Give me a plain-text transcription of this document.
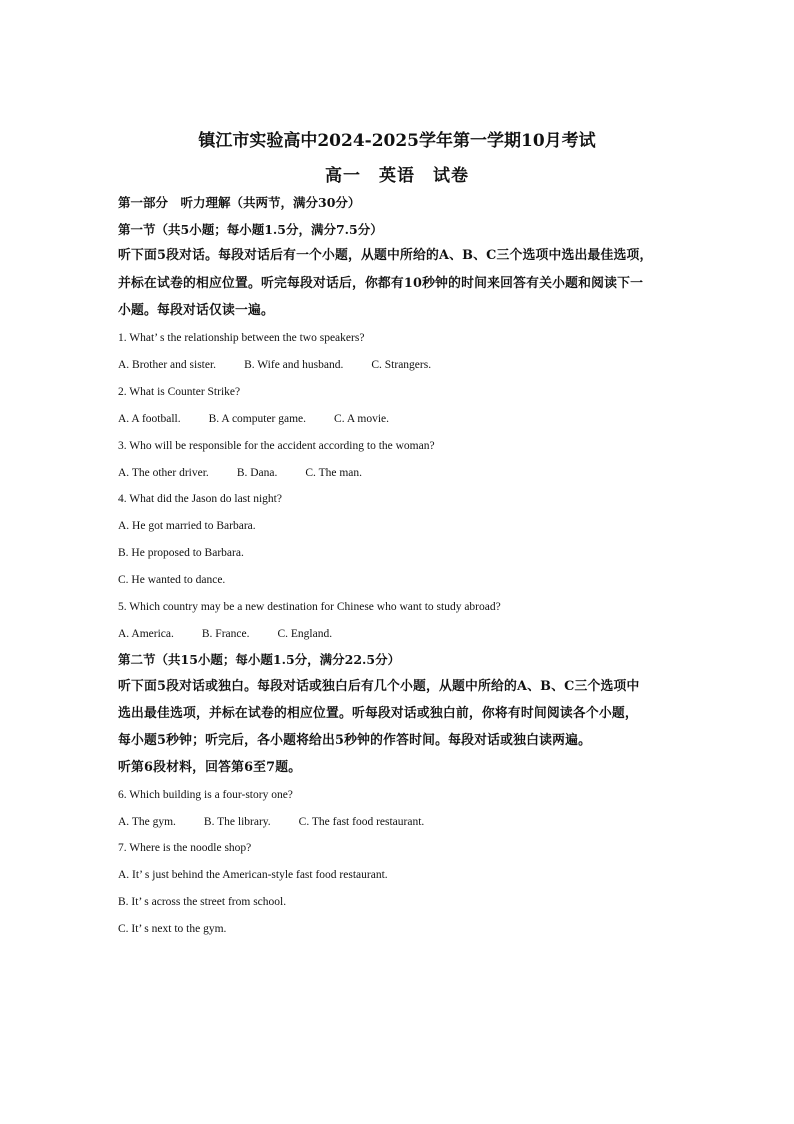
镇江市实验高中2024-2025学年第一学期10月考试
高一　英语　试卷
第一部分　听力理解（共两节，满分30分）
第一节（共5小题；每小题1.5分，满分7.5分）
听下面5段对话。每段对话后有一个小题，从题中所给的A、B、C三个选项中选出最佳选项，
并标在试卷的相应位置。听完每段对话后，你都有10秒钟的时间来回答有关小题和阅读下一
小题。每段对话仅读一遍。
1. What’ s the relationship between the two speakers?
A. Brother and sister. B. Wife and husband. C. Strangers.
2. What is Counter Strike?
A. A football. B. A computer game. C. A movie.
3. Who will be responsible for the accident according to the woman?
A. The other driver. B. Dana. C. The man.
4. What did the Jason do last night?
A. He got married to Barbara.
B. He proposed to Barbara.
C. He wanted to dance.
5. Which country may be a new destination for Chinese who want to study abroad?
A. America. B. France. C. England.
第二节（共15小题；每小题1.5分，满分22.5分）
听下面5段对话或独白。每段对话或独白后有几个小题，从题中所给的A、B、C三个选项中
选出最佳选项，并标在试卷的相应位置。听每段对话或独白前，你将有时间阅读各个小题，
每小题5秒钟；听完后，各小题将给出5秒钟的作答时间。每段对话或独白读两遍。
听第6段材料，回答第6至7题。
6. Which building is a four-story one?
A. The gym. B. The library. C. The fast food restaurant.
7. Where is the noodle shop?
A. It’ s just behind the American-style fast food restaurant.
B. It’ s across the street from school.
C. It’ s next to the gym.
